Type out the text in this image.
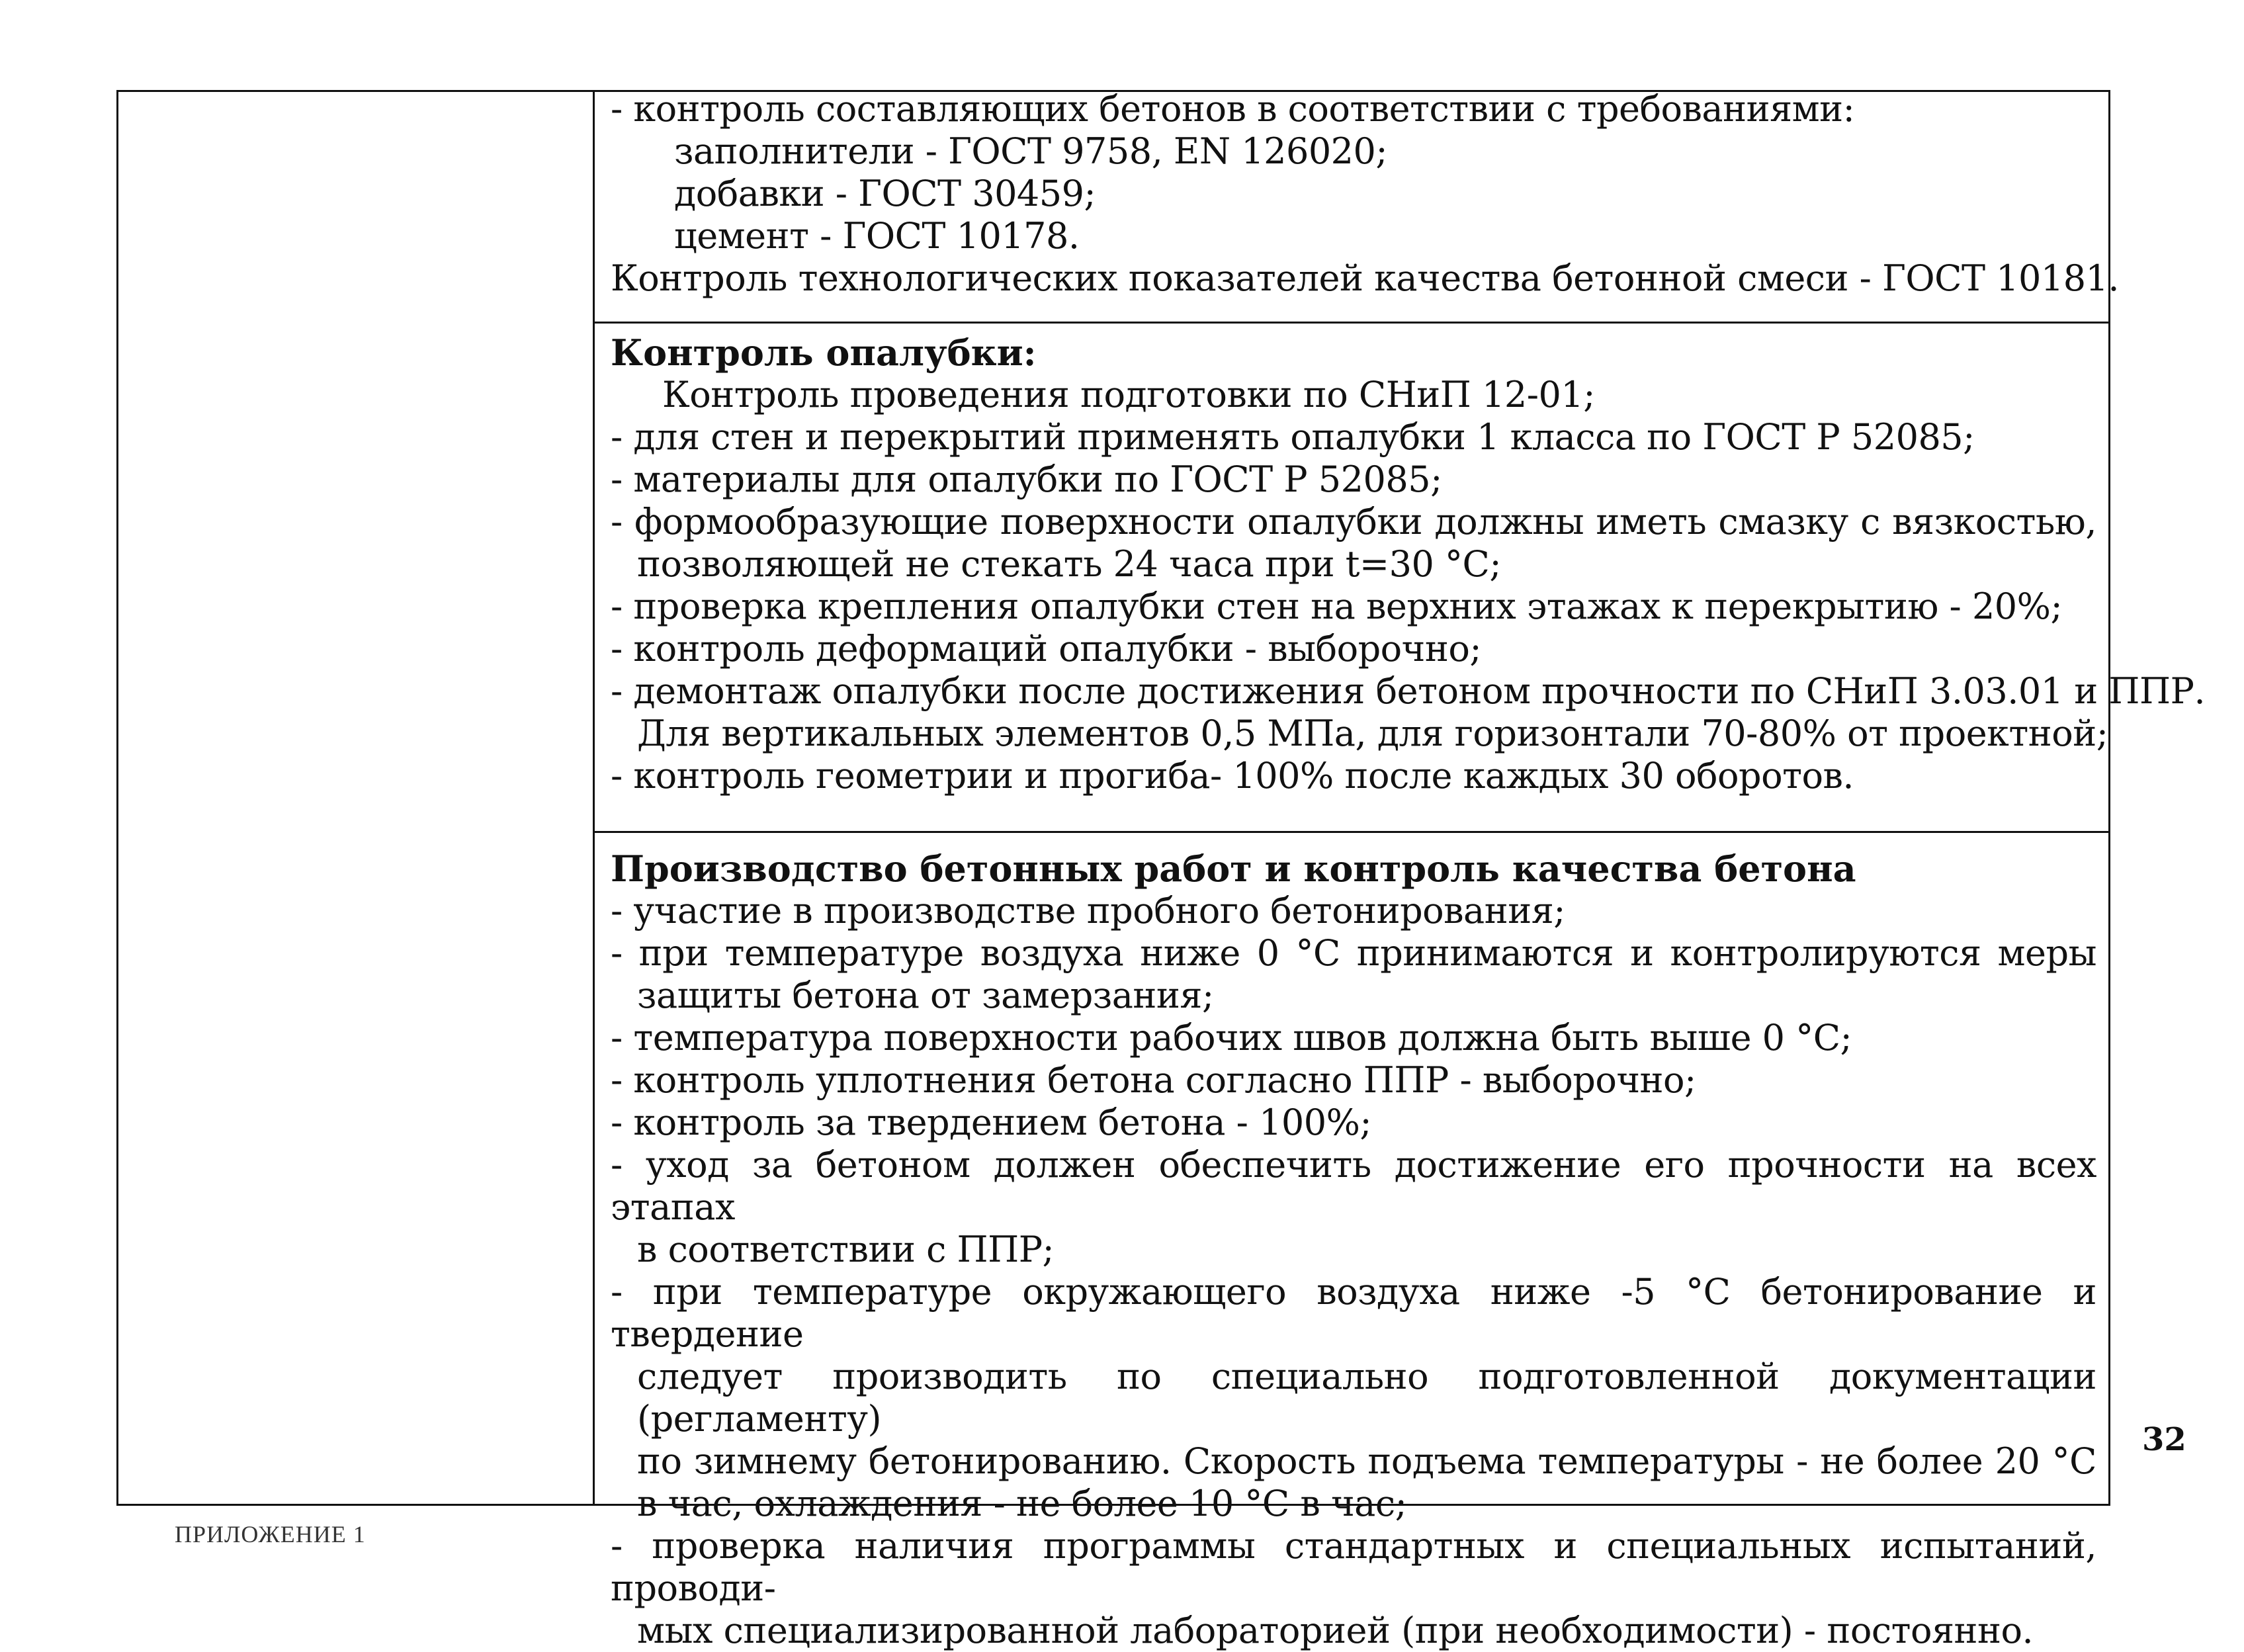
- контроль составляющих бетонов в соответствии с требованиями:
заполнители - ГОСТ 9758, EN 126020;
добавки - ГОСТ 30459;
цемент - ГОСТ 10178.
Контроль технологических показателей качества бетонной смеси - ГОСТ 10181.
Контроль опалубки:
Контроль проведения подготовки по СНиП 12-01;
- для стен и перекрытий применять опалубки 1 класса по ГОСТ Р 52085;
- материалы для опалубки по ГОСТ Р 52085;
- формообразующие поверхности опалубки должны иметь смазку с вязкостью,
позволяющей не стекать 24 часа при t=30 °С;
- проверка крепления опалубки стен на верхних этажах к перекрытию - 20%;
- контроль деформаций опалубки - выборочно;
- демонтаж опалубки после достижения бетоном прочности по СНиП 3.03.01 и ППР.
Для вертикальных элементов 0,5 МПа, для горизонтали 70-80% от проектной;
- контроль геометрии и прогиба- 100% после каждых 30 оборотов.
Производство бетонных работ и контроль качества бетона
- участие в производстве пробного бетонирования;
- при температуре воздуха ниже 0 °С принимаются и контролируются меры
защиты бетона от замерзания;
- температура поверхности рабочих швов должна быть выше 0 °С;
- контроль уплотнения бетона согласно ППР - выборочно;
- контроль за твердением бетона - 100%;
- уход за бетоном должен обеспечить достижение его прочности на всех этапах
в соответствии с ППР;
- при температуре окружающего воздуха ниже -5 °С бетонирование и твердение
следует производить по специально подготовленной документации (регламенту)
по зимнему бетонированию. Скорость подъема температуры - не более 20 °С
в час, охлаждения - не более 10 °С в час;
- проверка наличия программы стандартных и специальных испытаний, проводи-
мых специализированной лабораторией (при необходимости) - постоянно.
32
ПРИЛОЖЕНИЕ 1
